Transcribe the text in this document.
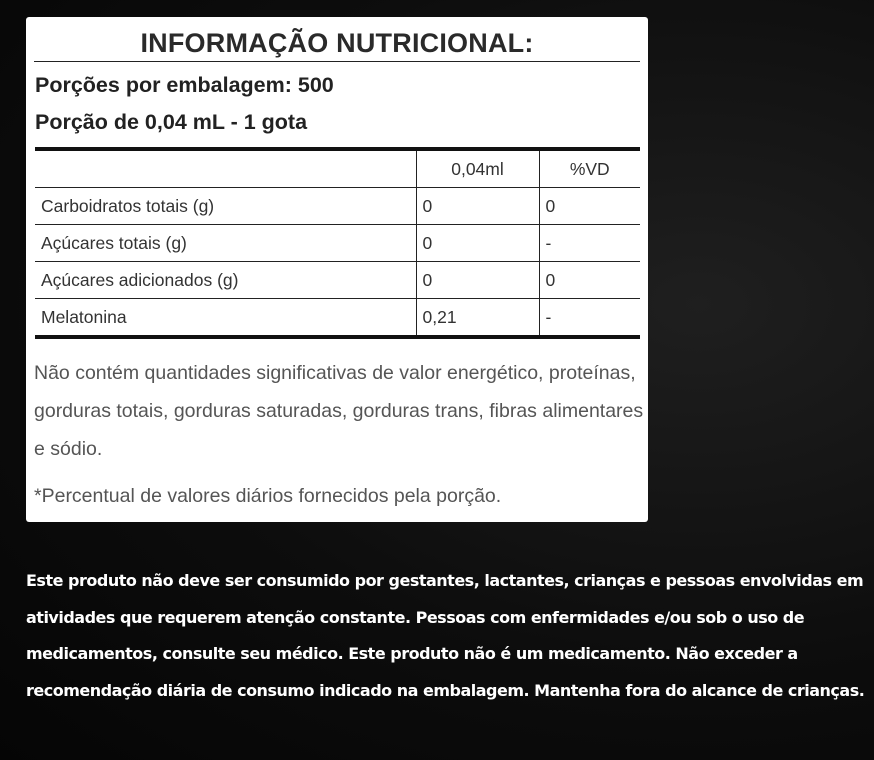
INFORMAÇÃO NUTRICIONAL:
Porções por embalagem: 500
Porção de 0,04 mL - 1 gota
	0,04ml	%VD
Carboidratos totais (g)	0	0
Açúcares totais (g)	0	-
Açúcares adicionados (g)	0	0
Melatonina	0,21	-
Não contém quantidades significativas de valor energético, proteínas, gorduras totais, gorduras saturadas, gorduras trans, fibras alimentares e sódio.
*Percentual de valores diários fornecidos pela porção.
Este produto não deve ser consumido por gestantes, lactantes, crianças e pessoas envolvidas em atividades que requerem atenção constante. Pessoas com enfermidades e/ou sob o uso de medicamentos, consulte seu médico. Este produto não é um medicamento. Não exceder a recomendação diária de consumo indicado na embalagem. Mantenha fora do alcance de crianças.
